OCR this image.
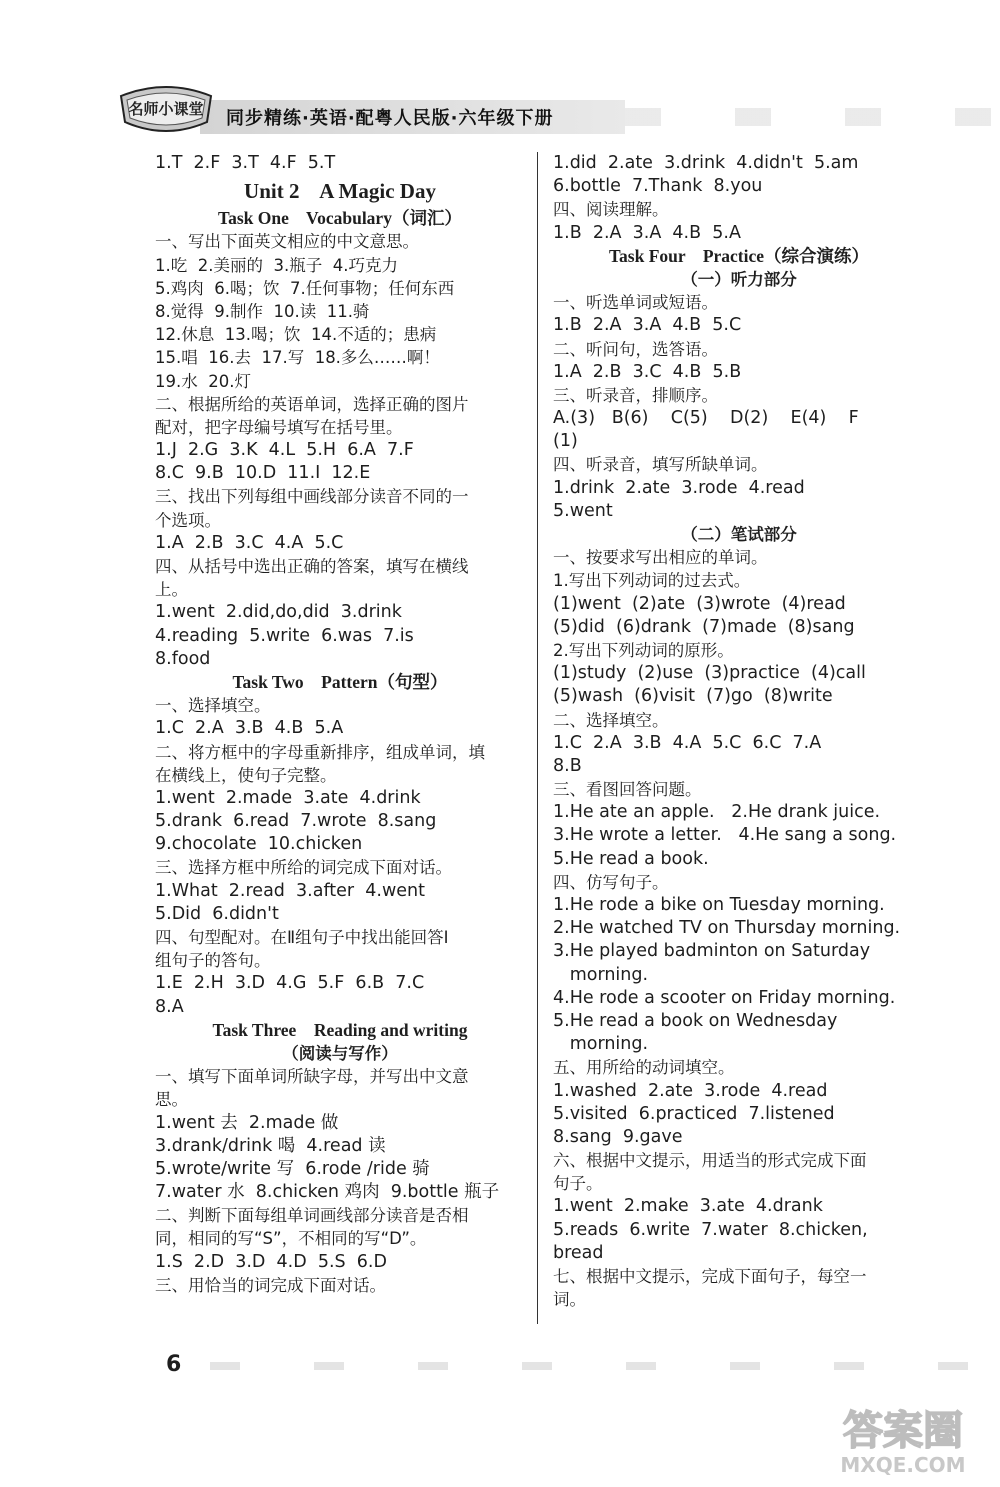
名师小课堂 同步精练·英语·配粤人民版·六年级下册
1.T  2.F  3.T  4.F  5.T
Unit 2    A Magic Day
Task One    Vocabulary（词汇）
一、写出下面英文相应的中文意思。
1.吃  2.美丽的  3.瓶子  4.巧克力
5.鸡肉  6.喝；饮  7.任何事物；任何东西
8.觉得  9.制作  10.读  11.骑
12.休息  13.喝；饮  14.不适的；患病
15.唱  16.去  17.写  18.多么……啊！
19.水  20.灯
二、根据所给的英语单词，选择正确的图片
配对，把字母编号填写在括号里。
1.J  2.G  3.K  4.L  5.H  6.A  7.F
8.C  9.B  10.D  11.I  12.E
三、找出下列每组中画线部分读音不同的一
个选项。
1.A  2.B  3.C  4.A  5.C
四、从括号中选出正确的答案，填写在横线
上。
1.went  2.did,do,did  3.drink
4.reading  5.write  6.was  7.is
8.food
Task Two    Pattern（句型）
一、选择填空。
1.C  2.A  3.B  4.B  5.A
二、将方框中的字母重新排序，组成单词，填
在横线上，使句子完整。
1.went  2.made  3.ate  4.drink
5.drank  6.read  7.wrote  8.sang
9.chocolate  10.chicken
三、选择方框中所给的词完成下面对话。
1.What  2.read  3.after  4.went
5.Did  6.didn't
四、句型配对。在Ⅱ组句子中找出能回答Ⅰ
组句子的答句。
1.E  2.H  3.D  4.G  5.F  6.B  7.C
8.A
Task Three    Reading and writing
（阅读与写作）
一、填写下面单词所缺字母，并写出中文意
思。
1.went 去  2.made 做
3.drank/drink 喝  4.read 读
5.wrote/write 写  6.rode /ride 骑
7.water 水  8.chicken 鸡肉  9.bottle 瓶子
二、判断下面每组单词画线部分读音是否相
同，相同的写“S”，不相同的写“D”。
1.S  2.D  3.D  4.D  5.S  6.D
三、用恰当的词完成下面对话。
1.did  2.ate  3.drink  4.didn't  5.am
6.bottle  7.Thank  8.you
四、阅读理解。
1.B  2.A  3.A  4.B  5.A
Task Four    Practice（综合演练）
（一）听力部分
一、听选单词或短语。
1.B  2.A  3.A  4.B  5.C
二、听问句，选答语。
1.A  2.B  3.C  4.B  5.B
三、听录音，排顺序。
A.(3)   B(6)    C(5)    D(2)    E(4)    F
(1)
四、听录音，填写所缺单词。
1.drink  2.ate  3.rode  4.read
5.went
（二）笔试部分
一、按要求写出相应的单词。
1.写出下列动词的过去式。
(1)went  (2)ate  (3)wrote  (4)read
(5)did  (6)drank  (7)made  (8)sang
2.写出下列动词的原形。
(1)study  (2)use  (3)practice  (4)call
(5)wash  (6)visit  (7)go  (8)write
二、选择填空。
1.C  2.A  3.B  4.A  5.C  6.C  7.A
8.B
三、看图回答问题。
1.He ate an apple.   2.He drank juice.
3.He wrote a letter.   4.He sang a song.
5.He read a book.
四、仿写句子。
1.He rode a bike on Tuesday morning.
2.He watched TV on Thursday morning.
3.He played badminton on Saturday
morning.
4.He rode a scooter on Friday morning.
5.He read a book on Wednesday
morning.
五、用所给的动词填空。
1.washed  2.ate  3.rode  4.read
5.visited  6.practiced  7.listened
8.sang  9.gave
六、根据中文提示，用适当的形式完成下面
句子。
1.went  2.make  3.ate  4.drank
5.reads  6.write  7.water  8.chicken,
bread
七、根据中文提示，完成下面句子，每空一
词。
6
答案圈
MXQE.COM
